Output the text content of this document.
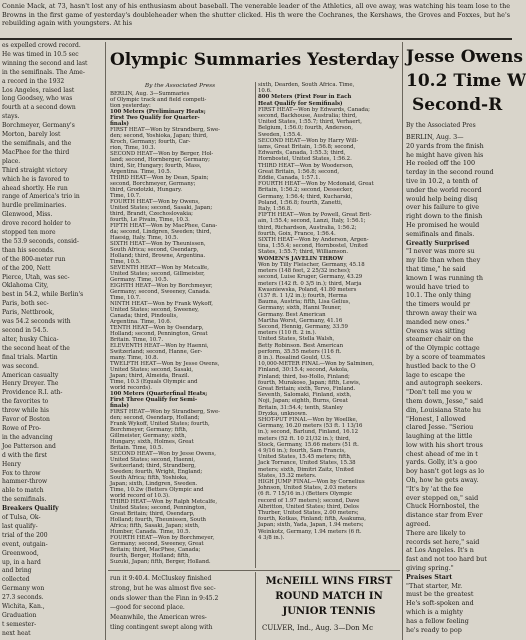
Connie Mack, at 73, hasn't lost any of his enthusiasm about baseball. The venerable leader of the Athletics, all ove away, was watching his team lose to the Browns in the first game of yesterday's doubleheader when the shutter clicked. His th were the Cochranes, the Kershaws, the Groves and Foxxes, but he's rebuilding again with youngsters. At his

es expelled crowd record.
He was timed in 10.5 sec
winning the second and last
in the semifinals. The Ame-
a record in the 1932
Los Angeles, raised last
long Goodsey, who was
fourth at a second down
stays.
Borchmeyer, Germany's
Morton, barely lost
the semifinals, and the
MacPhee for the third
place.
Third straight victory
which he is favored to
ahead shortly. He run
range of America's trio in
hurdle preliminaries.
Glenwood, Miss.
drove record holder to
stopped ten more
the 53.9 seconds, consid-
than his seconds.
of the 800-meter run
of the 200, Nett
Pierce, Utah, was sec-
Oklahoma City,
best in 54.2, while Berlin's
Paris, both sec-
Paris, Nettbrook,
was 54.2 seconds with
second in 54.5.
alter, husky Chica-
the second heat of the
final trials. Martin
was second.
American casualty
Henry Dreyer. The
Providence R.I. ath-
the favorites to
throw while his
Favor of Boston
Rowe of Pro-
in the advancing
Joe Patterson and
d with the first
Henry
Fox to throw
hammer-throw
able to match
the semifinals.
Breakers Qualify
of Tulsa, Ok-
last qualify-
trial of the 200
event, outgain-
Greenwood,
up, in a hard
and bring
collected
Germany won
27.3 seconds.
Wichita, Kan.,
Graduation
t semester-
next heat
Olympic Summaries Yesterday
By the Associated Press
BERLIN, Aug. 3—Summaries
of Olympic track and field competi-
tion yesterday:
100 Meters (Preliminary Heats;
First Two Qualify for Quarter-
finals)
FIRST HEAT—Won by Strandberg, Swe-
den; second, Yoshioka, Japan; third,
Kroch, Germany; fourth, Car-
rion, Time, 10.3.
SECOND HEAT—Won by Berger, Hol-
land; second, Hornberger, Germany;
third, Sir, Hungary; fourth, Mass,
Argentina. Time, 10.5.
THIRD HEAT—Won by Dean, Spain;
second, Borchmeyer, Germany;
third, Grodotzki, Hungary.
Time, 10.7.
FOURTH HEAT—Won by Owens,
United States; second, Sasaki, Japan;
third, Brandt, Czechoslovakia;
fourth, Le Pivain, Time, 10.3.
FIFTH HEAT—Won by MacPhee, Cana-
da; second, Lindgren, Sweden; third,
Haesig, Italy. Time, 10.5.
SIXTH HEAT—Won by Theunissen,
South Africa; second, Osendarp,
Holland; third, Browne, Argentina.
Time, 10.5.
SEVENTH HEAT—Won by Metcalfe,
United States; second, Gillmeister,
Germany. Time, 10.5.
EIGHTH HEAT—Won by Borchmeyer,
Germany; second, Sweeney, Canada.
Time, 10.7.
NINTH HEAT—Won by Frank Wykoff,
United States; second, Sweeney,
Canada; third, Pindoulis,
Argentina. Time, 10.6.
TENTH HEAT—Won by Osendarp,
Holland; second, Pennington, Great
Britain. Time, 10.7.
ELEVENTH HEAT—Won by Haenni,
Switzerland; second, Hanne, Ger-
many. Time, 10.8.
TWELFTH HEAT—Won by Jesse Owens,
United States; second, Sasaki,
Japan; third, Almeida, Brazil.
Time, 10.3 (Equals Olympic and
world records).
100 Meters (Quarterfinal Heats;
First Three Qualify for Semi-
finals)
FIRST HEAT—Won by Strandberg, Swe-
den; second, Osendarp, Holland;
Frank Wykoff, United States; fourth,
Borchmeyer, Germany; fifth,
Gillmeister, Germany; sixth,
Hungary; sixth, Holmes, Great
Britain. Time, 10.5.
SECOND HEAT—Won by Jesse Owens,
United States; second, Haenni,
Switzerland; third, Strandberg,
Sweden; fourth, Wright, England;
South Africa; fifth, Yoshioka,
Japan; sixth, Lindgren, Sweden.
Time, 10.2w (Betters Olympic and
world record of 10.3).
THIRD HEAT—Won by Ralph Metcalfe,
United States; second, Pennington,
Great Britain; third, Osendarp,
Holland; fourth, Theunissen, South
Africa; fifth, Sasaki, Japan; sixth,
Humber, Canada. Time, 10.5.
FOURTH HEAT—Won by Borchmeyer,
Germany; second, Sweeney, Great
Britain; third, MacPhee, Canada;
fourth, Berger, Holland; fifth,
Suzuki, Japan; fifth, Berger, Holland.
sixth, Dearden, South Africa. Time,
10.6.
800 Meters (First Four in Each
Heat Qualify for Semifinals)
FIRST HEAT—Won by Edwards, Canada;
second, Backhouse, Australia; third,
United States, 1:55.7; third, Verhaert,
Belgium, 1:56.0; fourth, Anderson,
Sweden, 1:55.4.
SECOND HEAT—Won by Harry Will-
iams, Great Britain, 1:56.8; second,
Edwards, Canada, 1:55.3; third,
Hornbostel, United States, 1:56.2.
THIRD HEAT—Won by Wooderson,
Great Britain, 1:56.8; second,
Eddie, Canada, 1:57.1.
FOURTH HEAT—Won by Mcdonald, Great
Britain, 1:56.2; second, Dessecker,
Germany, 1:56.4; third, Kucharski,
Poland, 1:56.8; fourth, Zanetti,
Italy, 1:56.8.
FIFTH HEAT—Won by Powell, Great Brit-
ain, 1:55.4; second, Lanzi, Italy, 1:56.1;
third, Richardson, Australia, 1:56.2;
fourth, Goix, France, 1:56.4.
SIXTH HEAT—Won by Anderson, Argen-
tina, 1:55.4; second, Hornbostel, United
States, 1:55.7; third, Williamson.
WOMEN'S JAVELIN THROW
Won by Tilly Fleischer, Germany, 45.18
meters (148 feet, 2 25/32 inches);
second, Luise Kruger, Germany, 43.29
meters (142 ft. 0 3/5 in.); third, Marja
Kwasniewska, Poland, 41.80 meters
(137 ft. 1 1/2 in.); fourth, Herma
Bauma, Austria; fifth, Lisa Gelius,
Germany; sixth, Hanni Teuner,
Germany. Best American
Martha Worst, Germany, 41.16
Second, Hennig, Germany, 33.59
meters (110 ft. 2 in.).
United States, Stella Walsh,
Betty Robinson. Best American
perform, 35.55 meters (116 ft.
8 in.). Rosalind Gould, U.S.
10,000-METER FINAL—Won by Salminen,
Finland, 30:15.4; second, Askola,
Finland; third, Iso-Hollo, Finland;
fourth, Murakoso, Japan; fifth, Lewis,
Great Britain; sixth, Tervo, Finland.
Seventh, Salomaki, Finland, sixth,
Noji, Japan; eighth, Burns, Great
Britain, 31:54.4; tenth, Stanley
Dryzka, unknown.
SHOT-PUT FINAL—Won by Woellke,
Germany, 16.20 meters (53 ft. 1 13/16
in.); second, Barlund, Finland, 16.12
meters (52 ft. 10 21/32 in.); third,
Stock, Germany, 15.66 meters (51 ft.
4 9/16 in.); fourth, Sam Francis,
United States, 15.45 meters; fifth,
Jack Torrance, United States, 15.38
meters; sixth, Dimitri Zaitz, United
States, 15.32 meters.
HIGH JUMP FINAL—Won by Cornelius
Johnson, United States, 2.03 meters
(6 ft. 7 15/16 in.) (Betters Olympic
record of 1.97 meters); second, Dave
Albritton, United States; third, Delos
Thurber, United States, 2.00 meters;
fourth, Kotkas, Finland; fifth, Asakuma,
Japan; sixth, Yada, Japan, 1.94 meters;
Weinkotz, Germany, 1.94 meters (6 ft.
4 3/8 in.).
run it 9:40.4. McCluskey finished
strong, but he was almost five sec-
onds slower than the Finn in 9:45.2
—good for second place.
Meanwhile, the American wres-
tling contingent swept along with
McNEILL WINS FIRST
ROUND MATCH IN
JUNIOR TENNIS
CULVER, Ind., Aug. 3—Don Mc
Jesse Owens
10.2 Time W
Second-R
By the Associated Pres
BERLIN, Aug. 3—
20 yards from the finish
he might have given his
He reeled off the 100
terday in the second round
tive in 10.2, a tenth of
under the world record
would help being disq
over his failure to give
right down to the finish
He promised he would
semifinals and finals.
Greatly Surprised
"I never was more su
my life than when they
that time," he said
known I was running th
would have tried to
10.1. The only thing
the timers would pr
thrown away their wa
manded new ones."
Owens was sitting
steamer chair on the
of the Olympic cottage
by a score of teammates
hustled back to the O
lage to escape the
and autograph seekers.
"Don't tell me you w
them down, Jesse," said
din, Louisiana State hu
"Honest, I allowed
clared Jesse. "Seriou
laughing at the little
low with his short trous
chest ahead of me in t
yards. Golly, it's a goo
boy hasn't got legs as lo
Oh, how he gets away.
"It's by 'at the fee
ever stepped on," said
Chuck Hornbostel, the
distance star from Ever
agreed.
There are likely to
records set here," said
at Los Angeles. It's n
fast and not too hard but
giving spring."
Praises Start
"That starter, Mr.
must be the greatest
He's soft-spoken and
which is a mighty
has a fellow feeling
he's ready to pop
